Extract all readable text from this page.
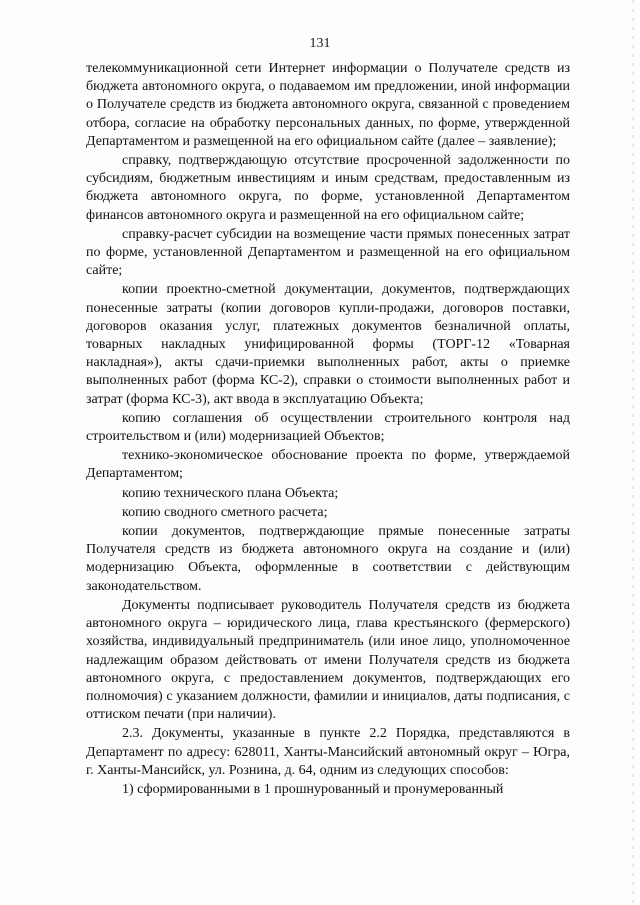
131

телекоммуникационной сети Интернет информации о Получателе средств из бюджета автономного округа, о подаваемом им предложении, иной информации о Получателе средств из бюджета автономного округа, связанной с проведением отбора, согласие на обработку персональных данных, по форме, утвержденной Департаментом и размещенной на его официальном сайте (далее – заявление);

справку, подтверждающую отсутствие просроченной задолженности по субсидиям, бюджетным инвестициям и иным средствам, предоставленным из бюджета автономного округа, по форме, установленной Департаментом финансов автономного округа и размещенной на его официальном сайте;

справку-расчет субсидии на возмещение части прямых понесенных затрат по форме, установленной Департаментом и размещенной на его официальном сайте;

копии проектно-сметной документации, документов, подтверждающих понесенные затраты (копии договоров купли-продажи, договоров поставки, договоров оказания услуг, платежных документов безналичной оплаты, товарных накладных унифицированной формы (ТОРГ-12 «Товарная накладная»), акты сдачи-приемки выполненных работ, акты о приемке выполненных работ (форма КС-2), справки о стоимости выполненных работ и затрат (форма КС-3), акт ввода в эксплуатацию Объекта;

копию соглашения об осуществлении строительного контроля над строительством и (или) модернизацией Объектов;

технико-экономическое обоснование проекта по форме, утверждаемой Департаментом;

копию технического плана Объекта;

копию сводного сметного расчета;

копии документов, подтверждающие прямые понесенные затраты Получателя средств из бюджета автономного округа на создание и (или) модернизацию Объекта, оформленные в соответствии с действующим законодательством.

Документы подписывает руководитель Получателя средств из бюджета автономного округа – юридического лица, глава крестьянского (фермерского) хозяйства, индивидуальный предприниматель (или иное лицо, уполномоченное надлежащим образом действовать от имени Получателя средств из бюджета автономного округа, с предоставлением документов, подтверждающих его полномочия) с указанием должности, фамилии и инициалов, даты подписания, с оттиском печати (при наличии).

2.3. Документы, указанные в пункте 2.2 Порядка, представляются в Департамент по адресу: 628011, Ханты-Мансийский автономный округ – Югра, г. Ханты-Мансийск, ул. Рознина, д. 64, одним из следующих способов:

1) сформированными в 1 прошнурованный и пронумерованный
